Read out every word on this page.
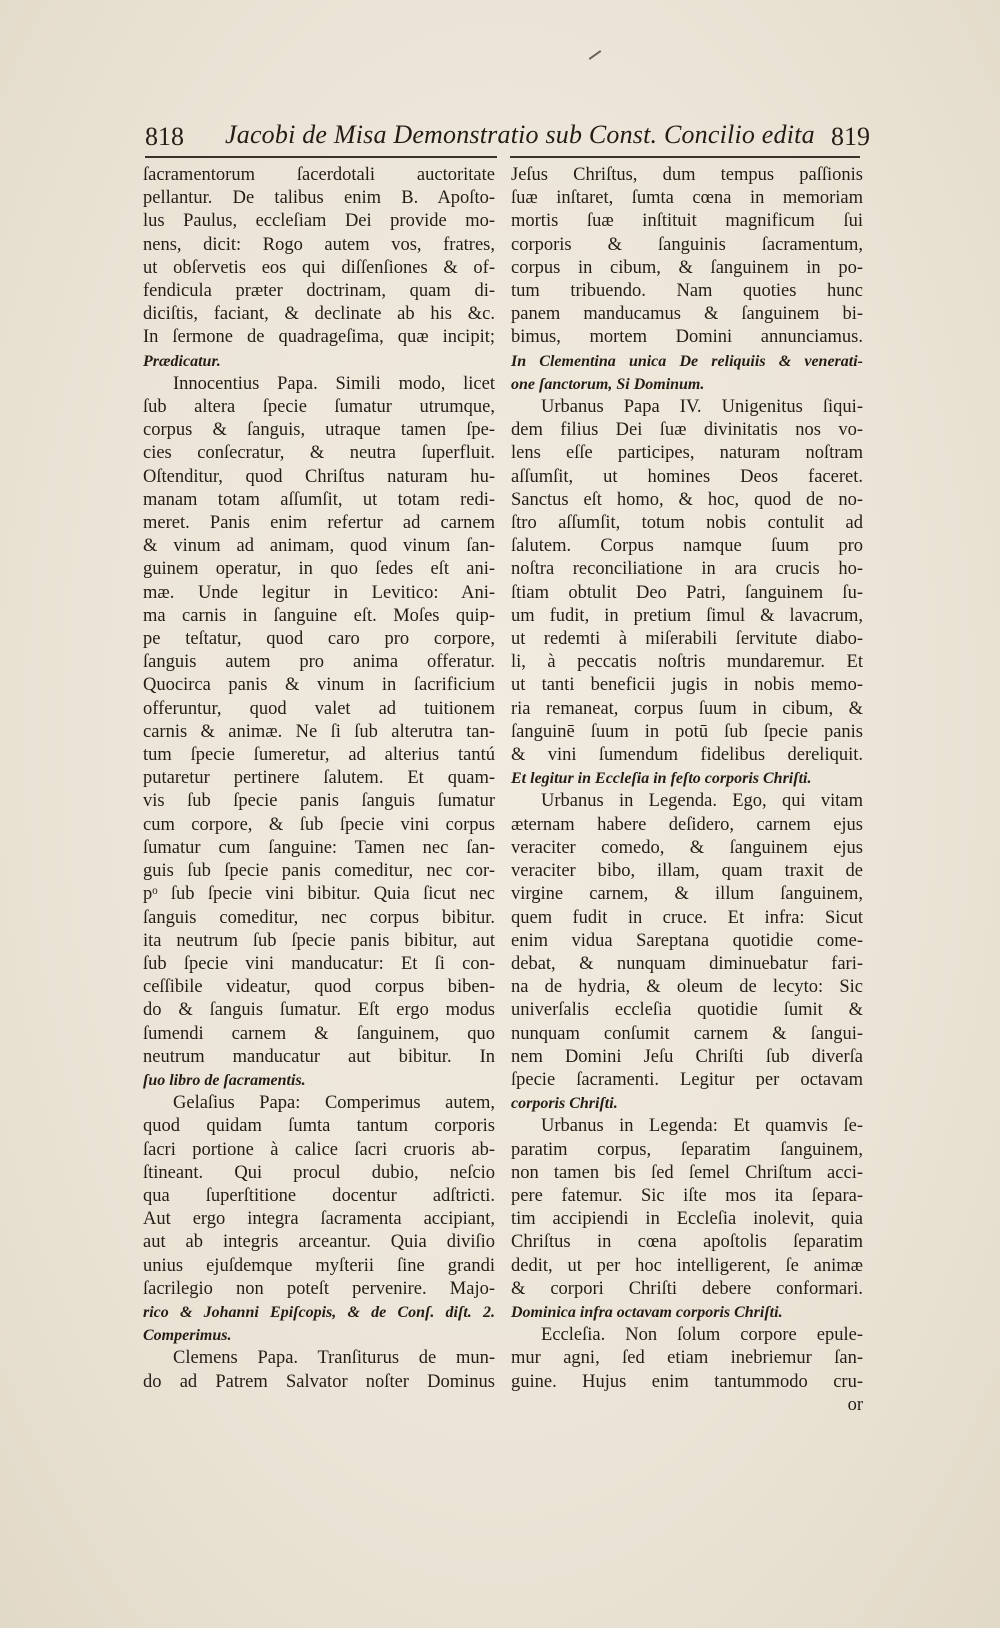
818 Jacobi de Misa Demonstratio sub Const. Concilio edita 819
ſacramentorum ſacerdotali auctoritate
pellantur. De talibus enim B. Apoſto-
lus Paulus, eccleſiam Dei provide mo-
nens, dicit: Rogo autem vos, fratres,
ut obſervetis eos qui diſſenſiones & of-
fendicula præter doctrinam, quam di-
diciſtis, faciant, & declinate ab his &c.
In ſermone de quadrageſima, quæ incipit;
Prædicatur.
Innocentius Papa. Simili modo, licet
ſub altera ſpecie ſumatur utrumque,
corpus & ſanguis, utraque tamen ſpe-
cies conſecratur, & neutra ſuperfluit.
Oſtenditur, quod Chriſtus naturam hu-
manam totam aſſumſit, ut totam redi-
meret. Panis enim refertur ad carnem
& vinum ad animam, quod vinum ſan-
guinem operatur, in quo ſedes eſt ani-
mæ. Unde legitur in Levitico: Ani-
ma carnis in ſanguine eſt. Moſes quip-
pe teſtatur, quod caro pro corpore,
ſanguis autem pro anima offeratur.
Quocirca panis & vinum in ſacrificium
offeruntur, quod valet ad tuitionem
carnis & animæ. Ne ſi ſub alterutra tan-
tum ſpecie ſumeretur, ad alterius tantú
putaretur pertinere ſalutem. Et quam-
vis ſub ſpecie panis ſanguis ſumatur
cum corpore, & ſub ſpecie vini corpus
ſumatur cum ſanguine: Tamen nec ſan-
guis ſub ſpecie panis comeditur, nec cor-
pᵒ ſub ſpecie vini bibitur. Quia ſicut nec
ſanguis comeditur, nec corpus bibitur.
ita neutrum ſub ſpecie panis bibitur, aut
ſub ſpecie vini manducatur: Et ſi con-
ceſſibile videatur, quod corpus biben-
do & ſanguis ſumatur. Eſt ergo modus
ſumendi carnem & ſanguinem, quo
neutrum manducatur aut bibitur. In
ſuo libro de ſacramentis.
Gelaſius Papa: Comperimus autem,
quod quidam ſumta tantum corporis
ſacri portione à calice ſacri cruoris ab-
ſtineant. Qui procul dubio, neſcio
qua ſuperſtitione docentur adſtricti.
Aut ergo integra ſacramenta accipiant,
aut ab integris arceantur. Quia diviſio
unius ejuſdemque myſterii ſine grandi
ſacrilegio non poteſt pervenire. Majo-
rico & Johanni Epiſcopis, & de Conſ. diſt. 2.
Comperimus.
Clemens Papa. Tranſiturus de mun-
do ad Patrem Salvator noſter Dominus
Jeſus Chriſtus, dum tempus paſſionis
ſuæ inſtaret, ſumta cœna in memoriam
mortis ſuæ inſtituit magnificum ſui
corporis & ſanguinis ſacramentum,
corpus in cibum, & ſanguinem in po-
tum tribuendo. Nam quoties hunc
panem manducamus & ſanguinem bi-
bimus, mortem Domini annunciamus.
In Clementina unica De reliquiis & venerati-
one ſanctorum, Si Dominum.
Urbanus Papa IV. Unigenitus ſiqui-
dem filius Dei ſuæ divinitatis nos vo-
lens eſſe participes, naturam noſtram
aſſumſit, ut homines Deos faceret.
Sanctus eſt homo, & hoc, quod de no-
ſtro aſſumſit, totum nobis contulit ad
ſalutem. Corpus namque ſuum pro
noſtra reconciliatione in ara crucis ho-
ſtiam obtulit Deo Patri, ſanguinem ſu-
um fudit, in pretium ſimul & lavacrum,
ut redemti à miſerabili ſervitute diabo-
li, à peccatis noſtris mundaremur. Et
ut tanti beneficii jugis in nobis memo-
ria remaneat, corpus ſuum in cibum, &
ſanguinē ſuum in potū ſub ſpecie panis
& vini ſumendum fidelibus dereliquit.
Et legitur in Eccleſia in feſto corporis Chriſti.
Urbanus in Legenda. Ego, qui vitam
æternam habere deſidero, carnem ejus
veraciter comedo, & ſanguinem ejus
veraciter bibo, illam, quam traxit de
virgine carnem, & illum ſanguinem,
quem fudit in cruce. Et infra: Sicut
enim vidua Sareptana quotidie come-
debat, & nunquam diminuebatur fari-
na de hydria, & oleum de lecyto: Sic
univerſalis eccleſia quotidie ſumit &
nunquam conſumit carnem & ſangui-
nem Domini Jeſu Chriſti ſub diverſa
ſpecie ſacramenti. Legitur per octavam
corporis Chriſti.
Urbanus in Legenda: Et quamvis ſe-
paratim corpus, ſeparatim ſanguinem,
non tamen bis ſed ſemel Chriſtum acci-
pere fatemur. Sic iſte mos ita ſepara-
tim accipiendi in Eccleſia inolevit, quia
Chriſtus in cœna apoſtolis ſeparatim
dedit, ut per hoc intelligerent, ſe animæ
& corpori Chriſti debere conformari.
Dominica infra octavam corporis Chriſti.
Eccleſia. Non ſolum corpore epule-
mur agni, ſed etiam inebriemur ſan-
guine. Hujus enim tantummodo cru-
or
